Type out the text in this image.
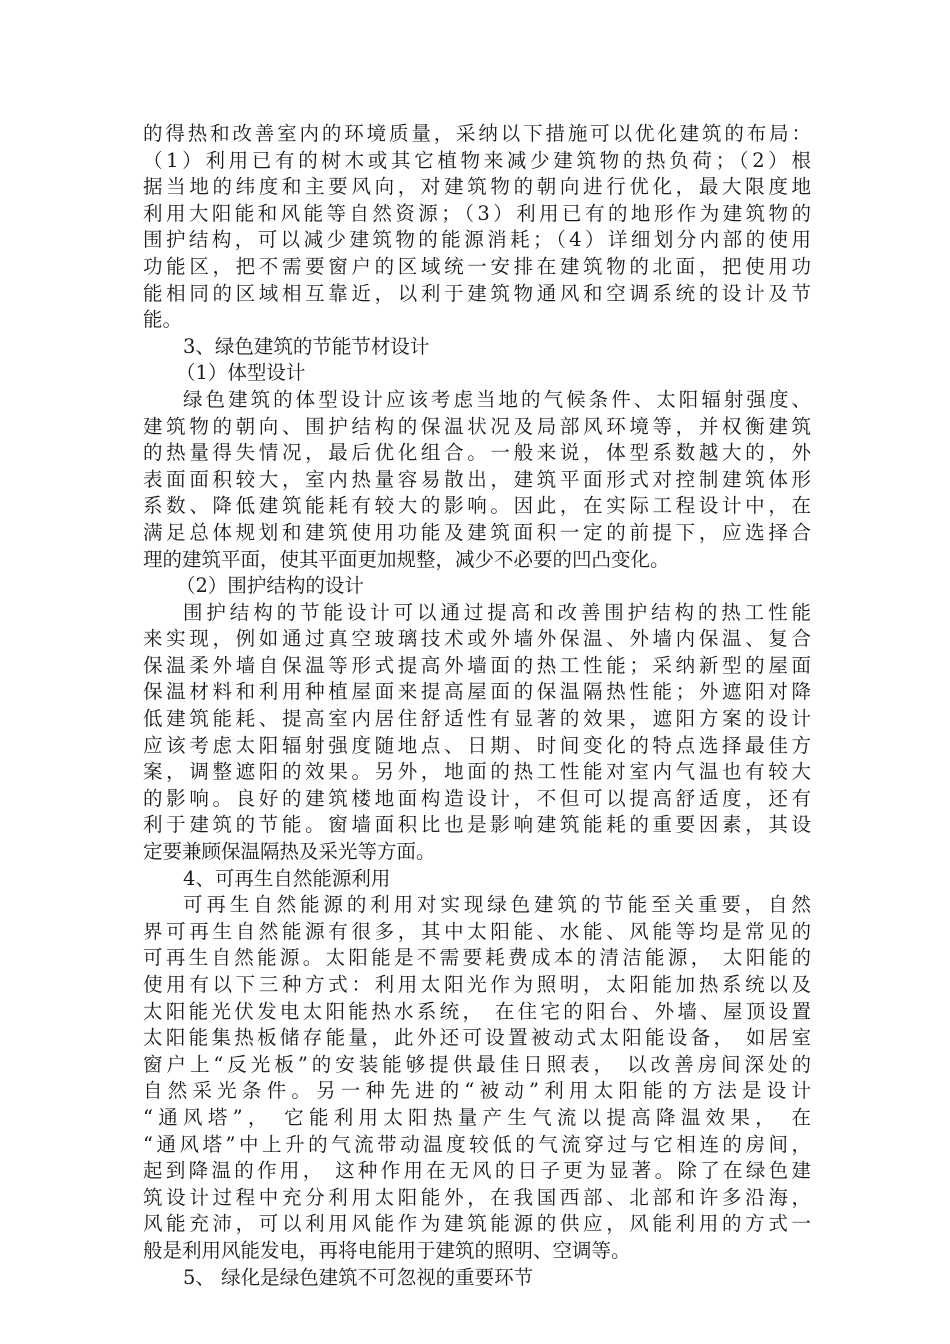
的得热和改善室内的环境质量，采纳以下措施可以优化建筑的布局：
（1）利用已有的树木或其它植物来减少建筑物的热负荷；（2）根
据当地的纬度和主要风向，对建筑物的朝向进行优化，最大限度地
利用大阳能和风能等自然资源；（3）利用已有的地形作为建筑物的
围护结构，可以减少建筑物的能源消耗；（4）详细划分内部的使用
功能区，把不需要窗户的区域统一安排在建筑物的北面，把使用功
能相同的区域相互靠近，以利于建筑物通风和空调系统的设计及节
能。

3、绿色建筑的节能节材设计

（1）体型设计

绿色建筑的体型设计应该考虑当地的气候条件、太阳辐射强度、
建筑物的朝向、围护结构的保温状况及局部风环境等，并权衡建筑
的热量得失情况，最后优化组合。一般来说，体型系数越大的，外
表面面积较大，室内热量容易散出，建筑平面形式对控制建筑体形
系数、降低建筑能耗有较大的影响。因此，在实际工程设计中，在
满足总体规划和建筑使用功能及建筑面积一定的前提下，应选择合
理的建筑平面，使其平面更加规整，减少不必要的凹凸变化。

（2）围护结构的设计

围护结构的节能设计可以通过提高和改善围护结构的热工性能
来实现，例如通过真空玻璃技术或外墙外保温、外墙内保温、复合
保温柔外墙自保温等形式提高外墙面的热工性能；采纳新型的屋面
保温材料和利用种植屋面来提高屋面的保温隔热性能；外遮阳对降
低建筑能耗、提高室内居住舒适性有显著的效果，遮阳方案的设计
应该考虑太阳辐射强度随地点、日期、时间变化的特点选择最佳方
案，调整遮阳的效果。另外，地面的热工性能对室内气温也有较大
的影响。良好的建筑楼地面构造设计，不但可以提高舒适度，还有
利于建筑的节能。窗墙面积比也是影响建筑能耗的重要因素，其设
定要兼顾保温隔热及采光等方面。

4、可再生自然能源利用

可再生自然能源的利用对实现绿色建筑的节能至关重要，自然
界可再生自然能源有很多，其中太阳能、水能、风能等均是常见的
可再生自然能源。太阳能是不需要耗费成本的清洁能源， 太阳能的
使用有以下三种方式：利用太阳光作为照明，太阳能加热系统以及
太阳能光伏发电太阳能热水系统， 在住宅的阳台、外墙、屋顶设置
太阳能集热板储存能量，此外还可设置被动式太阳能设备， 如居室
窗户上“反光板”的安装能够提供最佳日照表， 以改善房间深处的
自然采光条件。另一种先进的“被动”利用太阳能的方法是设计
“通风塔”， 它能利用太阳热量产生气流以提高降温效果， 在
“通风塔”中上升的气流带动温度较低的气流穿过与它相连的房间，
起到降温的作用， 这种作用在无风的日子更为显著。除了在绿色建
筑设计过程中充分利用太阳能外，在我国西部、北部和许多沿海，
风能充沛，可以利用风能作为建筑能源的供应，风能利用的方式一
般是利用风能发电，再将电能用于建筑的照明、空调等。

5、 绿化是绿色建筑不可忽视的重要环节
